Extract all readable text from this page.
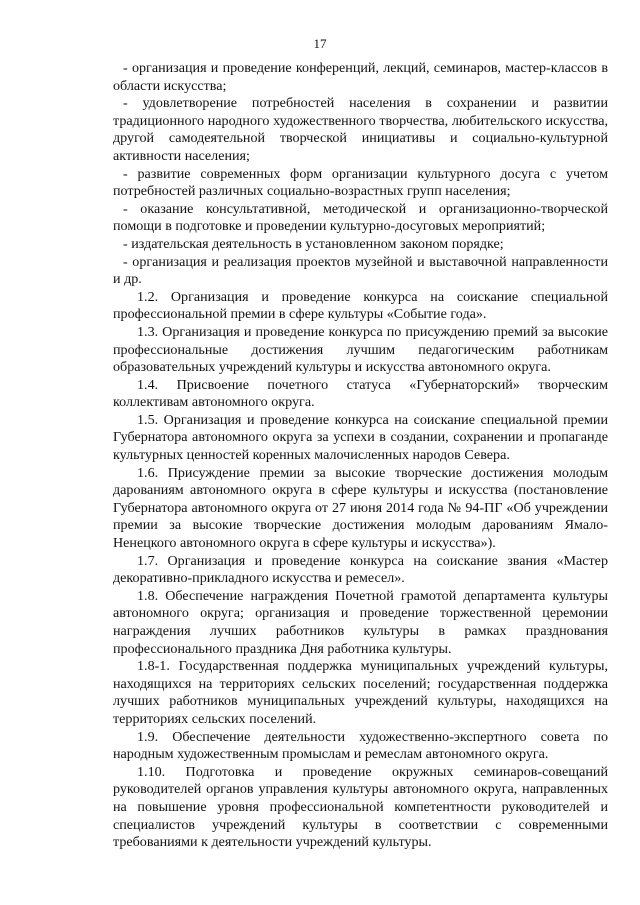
17

- организация и проведение конференций, лекций, семинаров, мастер-классов в области искусства;

- удовлетворение потребностей населения в сохранении и развитии традиционного народного художественного творчества, любительского искусства, другой самодеятельной творческой инициативы и социально-культурной активности населения;

- развитие современных форм организации культурного досуга с учетом потребностей различных социально-возрастных групп населения;

- оказание консультативной, методической и организационно-творческой помощи в подготовке и проведении культурно-досуговых мероприятий;

- издательская деятельность в установленном законом порядке;

- организация и реализация проектов музейной и выставочной направленности и др.

1.2. Организация и проведение конкурса на соискание специальной профессиональной премии в сфере культуры «Событие года».

1.3. Организация и проведение конкурса по присуждению премий за высокие профессиональные достижения лучшим педагогическим работникам образовательных учреждений культуры и искусства автономного округа.

1.4. Присвоение почетного статуса «Губернаторский» творческим коллективам автономного округа.

1.5. Организация и проведение конкурса на соискание специальной премии Губернатора автономного округа за успехи в создании, сохранении и пропаганде культурных ценностей коренных малочисленных народов Севера.

1.6. Присуждение премии за высокие творческие достижения молодым дарованиям автономного округа в сфере культуры и искусства (постановление Губернатора автономного округа от 27 июня 2014 года № 94-ПГ «Об учреждении премии за высокие творческие достижения молодым дарованиям Ямало-Ненецкого автономного округа в сфере культуры и искусства»).

1.7. Организация и проведение конкурса на соискание звания «Мастер декоративно-прикладного искусства и ремесел».

1.8. Обеспечение награждения Почетной грамотой департамента культуры автономного округа; организация и проведение торжественной церемонии награждения лучших работников культуры в рамках празднования профессионального праздника Дня работника культуры.

1.8-1. Государственная поддержка муниципальных учреждений культуры, находящихся на территориях сельских поселений; государственная поддержка лучших работников муниципальных учреждений культуры, находящихся на территориях сельских поселений.

1.9. Обеспечение деятельности художественно-экспертного совета по народным художественным промыслам и ремеслам автономного округа.

1.10. Подготовка и проведение окружных семинаров-совещаний руководителей органов управления культуры автономного округа, направленных на повышение уровня профессиональной компетентности руководителей и специалистов учреждений культуры в соответствии с современными требованиями к деятельности учреждений культуры.
